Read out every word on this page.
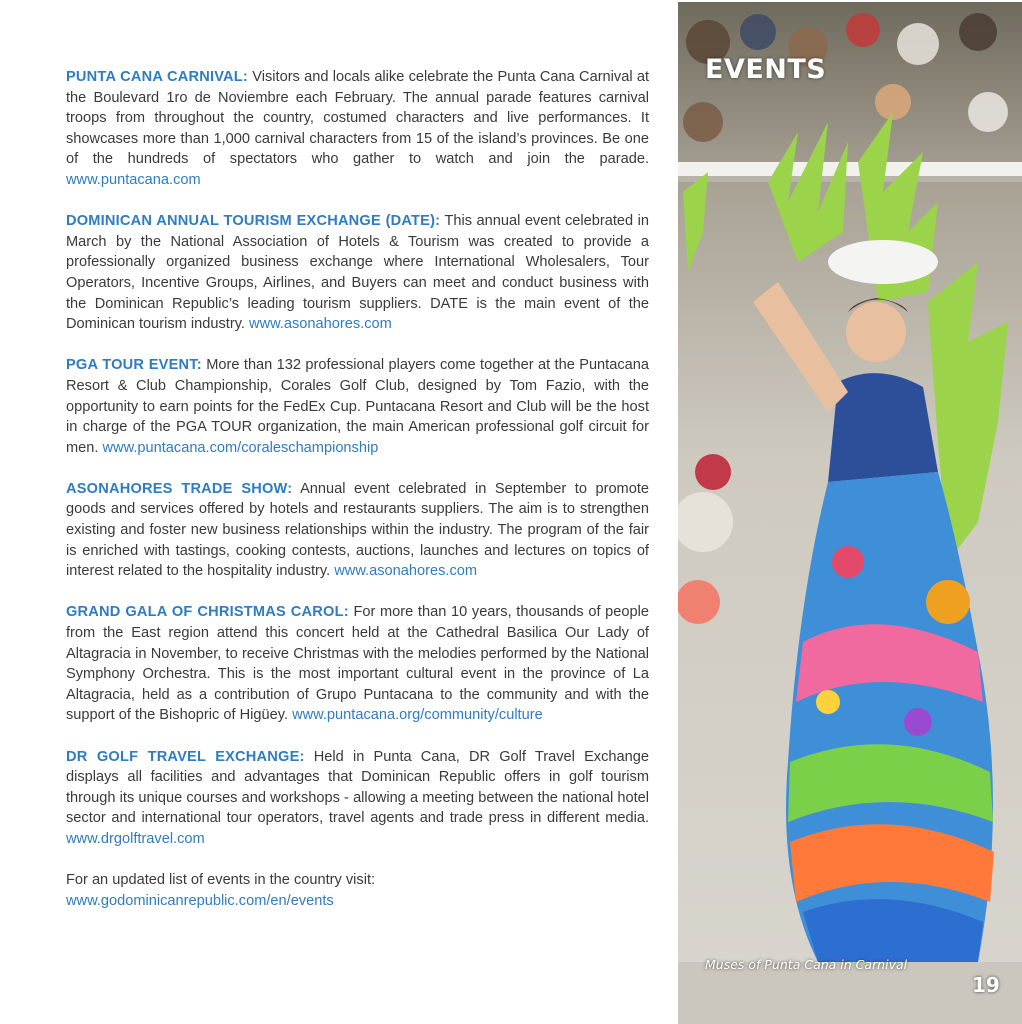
PUNTA CANA CARNIVAL: Visitors and locals alike celebrate the Punta Cana Carnival at the Boulevard 1ro de Noviembre each February. The annual parade features carnival troops from throughout the country, costumed characters and live performances. It showcases more than 1,000 carnival characters from 15 of the island’s provinces. Be one of the hundreds of spectators who gather to watch and join the parade. www.puntacana.com

DOMINICAN ANNUAL TOURISM EXCHANGE (DATE): This annual event celebrated in March by the National Association of Hotels & Tourism was created to provide a professionally organized business exchange where International Wholesalers, Tour Operators, Incentive Groups, Airlines, and Buyers can meet and conduct business with the Dominican Republic’s leading tourism suppliers. DATE is the main event of the Dominican tourism industry. www.asonahores.com

PGA TOUR EVENT: More than 132 professional players come together at the Puntacana Resort & Club Championship, Corales Golf Club, designed by Tom Fazio, with the opportunity to earn points for the FedEx Cup. Puntacana Resort and Club will be the host in charge of the PGA TOUR organization, the main American professional golf circuit for men. www.puntacana.com/coraleschampionship

ASONAHORES TRADE SHOW: Annual event celebrated in September to promote goods and services offered by hotels and restaurants suppliers. The aim is to strengthen existing and foster new business relationships within the industry. The program of the fair is enriched with tastings, cooking contests, auctions, launches and lectures on topics of interest related to the hospitality industry. www.asonahores.com

GRAND GALA OF CHRISTMAS CAROL: For more than 10 years, thousands of people from the East region attend this concert held at the Cathedral Basilica Our Lady of Altagracia in November, to receive Christmas with the melodies performed by the National Symphony Orchestra. This is the most important cultural event in the province of La Altagracia, held as a contribution of Grupo Puntacana to the community and with the support of the Bishopric of Higüey. www.puntacana.org/community/culture

DR GOLF TRAVEL EXCHANGE: Held in Punta Cana, DR Golf Travel Exchange displays all facilities and advantages that Dominican Republic offers in golf tourism through its unique courses and workshops - allowing a meeting between the national hotel sector and international tour operators, travel agents and trade press in different media. www.drgolftravel.com

For an updated list of events in the country visit:
www.godominicanrepublic.com/en/events

EVENTS
Muses of Punta Cana in Carnival
19
